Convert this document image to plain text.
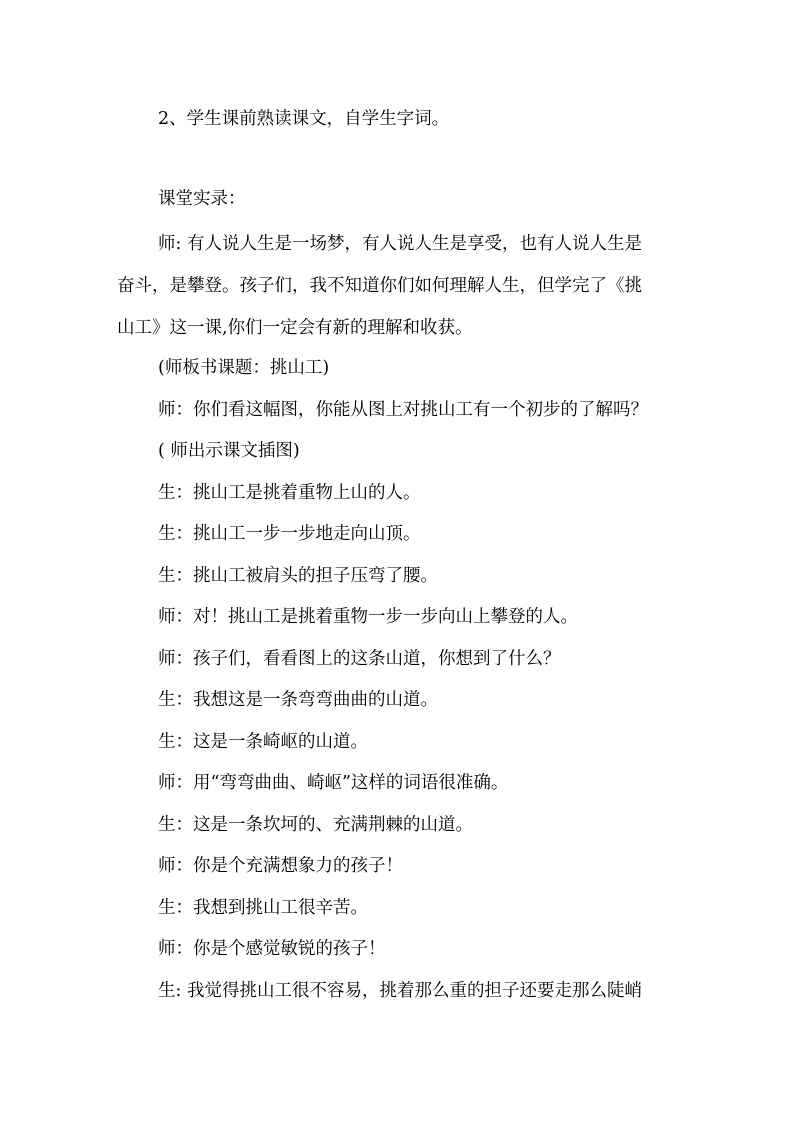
2、学生课前熟读课文，自学生字词。
课堂实录：
师: 有人说人生是一场梦，有人说人生是享受，也有人说人生是
奋斗，是攀登。孩子们，我不知道你们如何理解人生，但学完了《挑
山工》这一课,你们一定会有新的理解和收获。
(师板书课题：挑山工)
师：你们看这幅图，你能从图上对挑山工有一个初步的了解吗？
( 师出示课文插图)
生：挑山工是挑着重物上山的人。
生：挑山工一步一步地走向山顶。
生：挑山工被肩头的担子压弯了腰。
师：对！挑山工是挑着重物一步一步向山上攀登的人。
师：孩子们，看看图上的这条山道，你想到了什么？
生：我想这是一条弯弯曲曲的山道。
生：这是一条崎岖的山道。
师：用“弯弯曲曲、崎岖”这样的词语很准确。
生：这是一条坎坷的、充满荆棘的山道。
师：你是个充满想象力的孩子！
生：我想到挑山工很辛苦。
师：你是个感觉敏锐的孩子！
生: 我觉得挑山工很不容易，挑着那么重的担子还要走那么陡峭
